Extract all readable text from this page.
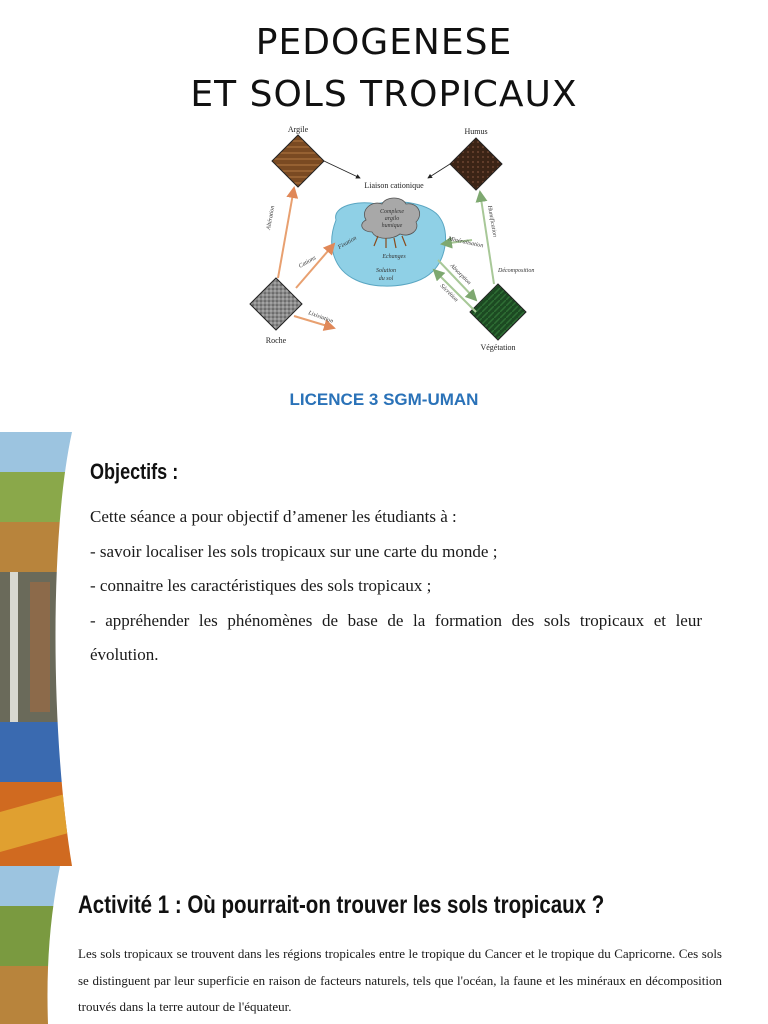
PEDOGENESE
ET SOLS TROPICAUX
Argile	Humus
Liaison cationique
Complexe
argilo
humique
Echanges
Fixation
Solution
du sol
Roche
Végétation
Altération
Cations
Lixiviation
Humification
Minéralisation
Décomposition
Absorption
Sécrétion
LICENCE 3 SGM-UMAN
Objectifs :

Cette séance a pour objectif d’amener les étudiants à :

- savoir localiser les sols tropicaux sur une carte du monde ;

- connaitre les caractéristiques des sols tropicaux ;

- appréhender les phénomènes de base de la formation des sols tropicaux et leur évolution.

Activité 1 : Où pourrait-on trouver les sols tropicaux ?
Les sols tropicaux se trouvent dans les régions tropicales entre le tropique du Cancer et le tropique du Capricorne. Ces sols se distinguent par leur superficie en raison de facteurs naturels, tels que l'océan, la faune et les minéraux en décomposition trouvés dans la terre autour de l'équateur.
